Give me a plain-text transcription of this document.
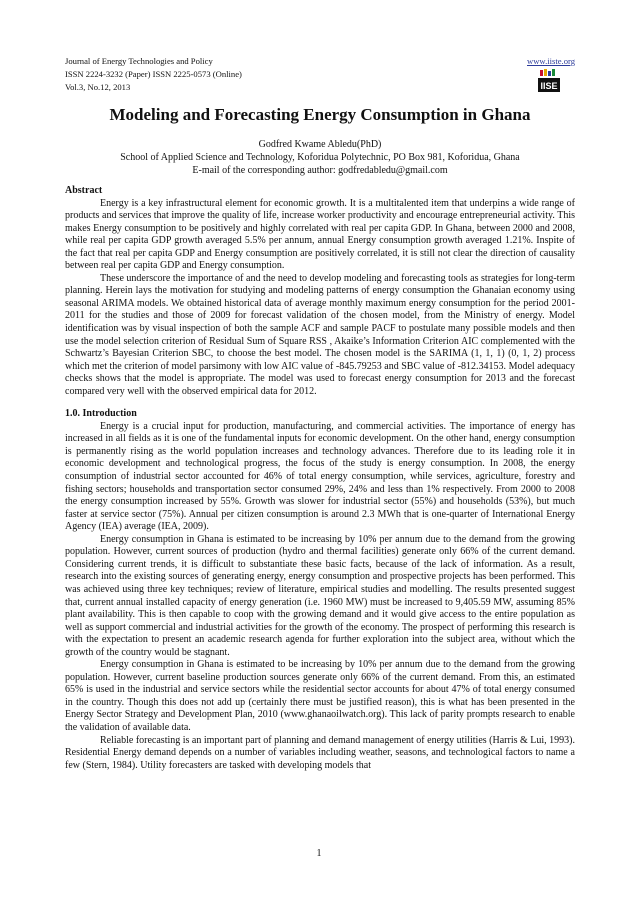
Journal of Energy Technologies and Policy
ISSN 2224-3232 (Paper) ISSN 2225-0573 (Online)
Vol.3, No.12, 2013
www.iiste.org
IISE
Modeling and Forecasting Energy Consumption in Ghana
Godfred Kwame Abledu(PhD)
School of Applied Science and Technology, Koforidua Polytechnic, PO Box 981, Koforidua, Ghana
E-mail of the corresponding author: godfredabledu@gmail.com
Abstract

Energy is a key infrastructural element for economic growth. It is a multitalented item that underpins a wide range of products and services that improve the quality of life, increase worker productivity and encourage entrepreneurial activity. This makes Energy consumption to be positively and highly correlated with real per capita GDP. In Ghana, between 2000 and 2008, while real per capita GDP growth averaged 5.5% per annum, annual Energy consumption growth averaged 1.21%. Inspite of the fact that real per capita GDP and Energy consumption are positively correlated, it is still not clear the direction of causality between real per capita GDP and Energy consumption.

These underscore the importance of and the need to develop modeling and forecasting tools as strategies for long-term planning. Herein lays the motivation for studying and modeling patterns of energy consumption the Ghanaian economy using seasonal ARIMA models. We obtained historical data of average monthly maximum energy consumption for the period 2001-2011 for the studies and those of 2009 for forecast validation of the chosen model, from the Ministry of energy. Model identification was by visual inspection of both the sample ACF and sample PACF to postulate many possible models and then use the model selection criterion of Residual Sum of Square RSS , Akaike’s Information Criterion AIC complemented with the Schwartz’s Bayesian Criterion SBC, to choose the best model. The chosen model is the SARIMA (1, 1, 1) (0, 1, 2) process which met the criterion of model parsimony with low AIC value of -845.79253 and SBC value of -812.34153. Model adequacy checks shows that the model is appropriate. The model was used to forecast energy consumption for 2013 and the forecast compared very well with the observed empirical data for 2012.

1.0. Introduction

Energy is a crucial input for production, manufacturing, and commercial activities. The importance of energy has increased in all fields as it is one of the fundamental inputs for economic development. On the other hand, energy consumption is permanently rising as the world population increases and technology advances. Therefore due to its leading role it in economic development and technological progress, the focus of the study is energy consumption. In 2008, the energy consumption of industrial sector accounted for 46% of total energy consumption, while services, agriculture, forestry and fishing sectors; households and transportation sector consumed 29%, 24% and less than 1% respectively. From 2000 to 2008 the energy consumption increased by 55%. Growth was slower for industrial sector (55%) and households (53%), but much faster at service sector (75%). Annual per citizen consumption is around 2.3 MWh that is one-quarter of International Energy Agency (IEA) average (IEA, 2009).

Energy consumption in Ghana is estimated to be increasing by 10% per annum due to the demand from the growing population. However, current sources of production (hydro and thermal facilities) generate only 66% of the current demand. Considering current trends, it is difficult to substantiate these basic facts, because of the lack of information. As a result, research into the existing sources of generating energy, energy consumption and prospective projects has been performed. This was achieved using three key techniques; review of literature, empirical studies and modelling. The results presented suggest that, current annual installed capacity of energy generation (i.e. 1960 MW) must be increased to 9,405.59 MW, assuming 85% plant availability. This is then capable to coop with the growing demand and it would give access to the entire population as well as support commercial and industrial activities for the growth of the economy. The prospect of performing this research is with the expectation to present an academic research agenda for further exploration into the subject area, without which the growth of the country would be stagnant.

Energy consumption in Ghana is estimated to be increasing by 10% per annum due to the demand from the growing population. However, current baseline production sources generate only 66% of the current demand. From this, an estimated 65% is used in the industrial and service sectors while the residential sector accounts for about 47% of total energy consumed in the country. Though this does not add up (certainly there must be justified reason), this is what has been presented in the Energy Sector Strategy and Development Plan, 2010 (www.ghanaoilwatch.org). This lack of parity prompts research to enable the validation of available data.

Reliable forecasting is an important part of planning and demand management of energy utilities (Harris & Lui, 1993). Residential Energy demand depends on a number of variables including weather, seasons, and technological factors to name a few (Stern, 1984). Utility forecasters are tasked with developing models that

1
